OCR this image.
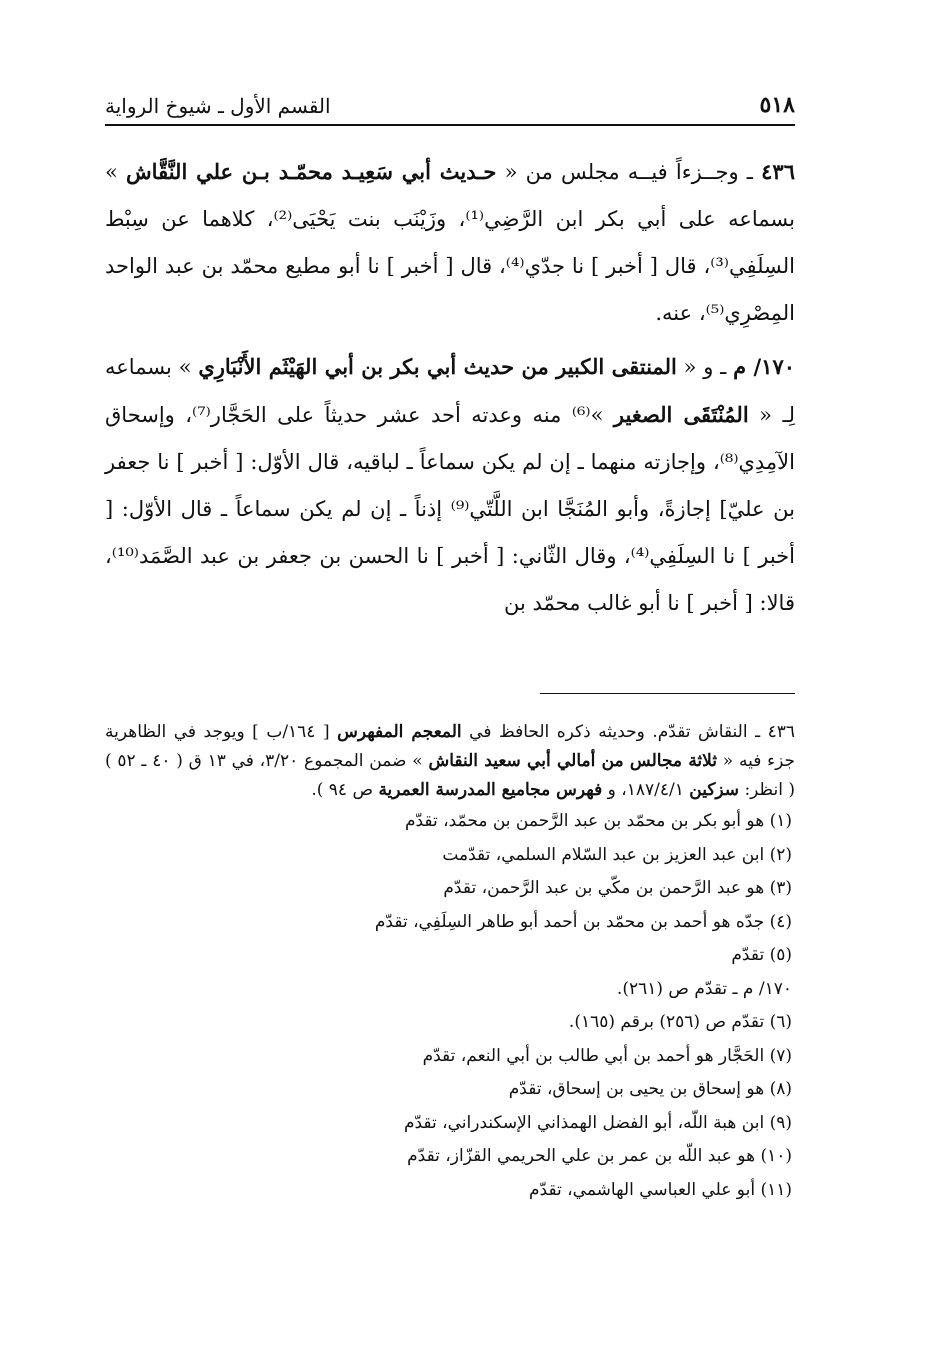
٥١٨
القسم الأول ـ شيوخ الرواية

٤٣٦ ـ وجــزءاً فيــه مجلس من « حـديث أبي سَعِيـد محمّـد بـن علي النَّقَّاش » بسماعه على أبي بكر ابن الرَّضِي⁽¹⁾، وزَيْنَب بنت يَحْيَى⁽²⁾، كلاهما عن سِبْط السِلَفِي⁽³⁾، قال [ أخبر ] نا جدّي⁽⁴⁾، قال [ أخبر ] نا أبو مطيع محمّد بن عبد الواحد المِصْرِي⁽⁵⁾، عنه.

١٧٠/ م ـ و « المنتقى الكبير من حديث أبي بكر بن أبي الهَيْثَم الأَنْبَارِي » بسماعه لِـ « المُنْتَقَى الصغير »⁽⁶⁾ منه وعدته أحد عشر حديثاً على الحَجَّار⁽⁷⁾، وإسحاق الآمِدِي⁽⁸⁾، وإجازته منهما ـ إن لم يكن سماعاً ـ لباقيه، قال الأوّل: [ أخبر ] نا جعفر بن عليّ] إجازةً، وأبو المُنَجَّا ابن اللَّتّي⁽⁹⁾ إذناً ـ إن لم يكن سماعاً ـ قال الأوّل: [ أخبر ] نا السِلَفِي⁽⁴⁾، وقال الثّاني: [ أخبر ] نا الحسن بن جعفر بن عبد الصَّمَد⁽¹⁰⁾، قالا: [ أخبر ] نا أبو غالب محمّد بن

٤٣٦ ـ النقاش تقدّم. وحديثه ذكره الحافظ في المعجم المفهرس [ ١٦٤/ب ] ويوجد في الظاهرية جزء فيه « ثلاثة مجالس من أمالي أبي سعيد النقاش » ضمن المجموع ٣/٢٠، في ١٣ ق ( ٤٠ ـ ٥٢ ) ( انظر: سزكين ١٨٧/٤/١، و فهرس مجاميع المدرسة العمرية ص ٩٤ ).

(١) هو أبو بكر بن محمّد بن عبد الرَّحمن بن محمّد، تقدّم
(٢) ابن عبد العزيز بن عبد السّلام السلمي، تقدّمت
(٣) هو عبد الرَّحمن بن مكّي بن عبد الرَّحمن، تقدّم
(٤) جدّه هو أحمد بن محمّد بن أحمد أبو طاهر السِلَفِي، تقدّم
(٥) تقدّم
١٧٠/ م ـ تقدّم ص (٢٦١).
(٦) تقدّم ص (٢٥٦) برقم (١٦٥).
(٧) الحَجَّار هو أحمد بن أبي طالب بن أبي النعم، تقدّم
(٨) هو إسحاق بن يحيى بن إسحاق، تقدّم
(٩) ابن هبة اللّه، أبو الفضل الهمذاني الإسكندراني، تقدّم
(١٠) هو عبد اللّه بن عمر بن علي الحريمي القزّاز، تقدّم
(١١) أبو علي العباسي الهاشمي، تقدّم
